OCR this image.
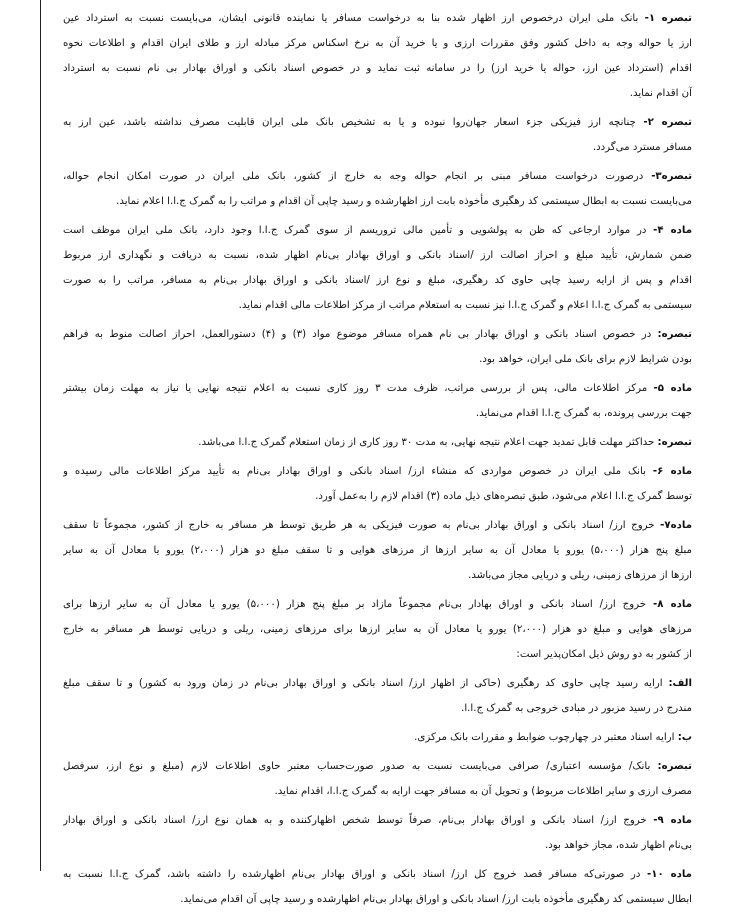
تبصره ۱- بانک ملی ایران درخصوص ارز اظهار شده بنا به درخواست مسافر یا نماینده قانونی ایشان، می‌بایست نسبت به استرداد عین
ارز یا حواله وجه به داخل کشور وفق مقررات ارزی و یا خرید آن به نرخ اسکناس مرکز مبادله ارز و طلای ایران اقدام و اطلاعات نحوه
اقدام (استرداد عین ارز، حواله یا خرید ارز) را در سامانه ثبت نماید و در خصوص اسناد بانکی و اوراق بهادار بی نام نسبت به استرداد
آن اقدام نماید.
تبصره ۲- چنانچه ارز فیزیکی جزء اسعار جهان‌روا نبوده و یا به تشخیص بانک ملی ایران قابلیت مصرف نداشته باشد، عین ارز به
مسافر مسترد می‌گردد.
تبصره۳- درصورت درخواست مسافر مبنی بر انجام حواله وجه به خارج از کشور، بانک ملی ایران در صورت امکان انجام حواله،
می‌بایست نسبت به ابطال سیستمی کد رهگیری مأخوذه بابت ارز اظهارشده و رسید چاپی آن اقدام و مراتب را به گمرک ج.ا.ا اعلام نماید.
ماده ۴- در موارد ارجاعی که ظن به پولشویی و تأمین مالی تروریسم از سوی گمرک ج.ا.ا وجود دارد، بانک ملی ایران موظف است
ضمن شمارش، تأیید مبلغ و احراز اصالت ارز /اسناد بانکی و اوراق بهادار بی‌نام اظهار شده، نسبت به دریافت و نگهداری ارز مربوط
اقدام و پس از ارایه رسید چاپی حاوی کد رهگیری، مبلغ و نوع ارز /اسناد بانکی و اوراق بهادار بی‌نام به مسافر، مراتب را به صورت
سیستمی به گمرک ج.ا.ا اعلام و گمرک ج.ا.ا نیز نسبت به استعلام مراتب از مرکز اطلاعات مالی اقدام نماید.
تبصره: در خصوص اسناد بانکی و اوراق بهادار بی نام همراه مسافر موضوع مواد (۳) و (۴) دستورالعمل، احراز اصالت منوط به فراهم
بودن شرایط لازم برای بانک ملی ایران، خواهد بود.
ماده ۵- مرکز اطلاعات مالی، پس از بررسی مراتب، ظرف مدت ۳ روز کاری نسبت به اعلام نتیجه نهایی یا نیاز به مهلت زمان بیشتر
جهت بررسی پرونده، به گمرک ج.ا.ا اقدام می‌نماید.
تبصره: حداکثر مهلت قابل تمدید جهت اعلام نتیجه نهایی، به مدت ۳۰ روز کاری از زمان استعلام گمرک ج.ا.ا می‌باشد.
ماده ۶- بانک ملی ایران در خصوص مواردی که منشاء ارز/ اسناد بانکی و اوراق بهادار بی‌نام به تأیید مرکز اطلاعات مالی رسیده و
توسط گمرک ج.ا.ا اعلام می‌شود، طبق تبصره‌های ذیل ماده (۳) اقدام لازم را به‌عمل آورد.
ماده۷- خروج ارز/ اسناد بانکی و اوراق بهادار بی‌نام به صورت فیزیکی به هر طریق توسط هر مسافر به خارج از کشور، مجموعاً تا سقف
مبلغ پنج هزار (۵،۰۰۰) یورو یا معادل آن به سایر ارزها از مرزهای هوایی و تا سقف مبلغ دو هزار (۲،۰۰۰) یورو یا معادل آن به سایر
ارزها از مرزهای زمینی، ریلی و دریایی مجاز می‌باشد.
ماده ۸- خروج ارز/ اسناد بانکی و اوراق بهادار بی‌نام مجموعاً مازاد بر مبلغ پنج هزار (۵،۰۰۰) یورو یا معادل آن به سایر ارزها برای
مرزهای هوایی و مبلغ دو هزار (۲،۰۰۰) یورو یا معادل آن به سایر ارزها برای مرزهای زمینی، ریلی و دریایی توسط هر مسافر به خارج
از کشور به دو روش ذیل امکان‌پذیر است:
الف: ارایه رسید چاپی حاوی کد رهگیری (حاکی از اظهار ارز/ اسناد بانکی و اوراق بهادار بی‌نام در زمان ورود به کشور) و تا سقف مبلغ
مندرج در رسید مزبور در مبادی خروجی به گمرک ج.ا.ا.
ب: ارایه اسناد معتبر در چهارچوب ضوابط و مقررات بانک مرکزی.
تبصره: بانک/ مؤسسه اعتباری/ صرافی می‌بایست نسبت به صدور صورت‌حساب معتبر حاوی اطلاعات لازم (مبلغ و نوع ارز، سرفصل
مصرف ارزی و سایر اطلاعات مربوط) و تحویل آن به مسافر جهت ارایه به گمرک ج.ا.ا، اقدام نماید.
ماده ۹- خروج ارز/ اسناد بانکی و اوراق بهادار بی‌نام، صرفاً توسط شخص اظهارکننده و به همان نوع ارز/ اسناد بانکی و اوراق بهادار
بی‌نام اظهار شده، مجاز خواهد بود.
ماده ۱۰- در صورتی‌که مسافر قصد خروج کل ارز/ اسناد بانکی و اوراق بهادار بی‌نام اظهارشده را داشته باشد، گمرک ج.ا.ا نسبت به
ابطال سیستمی کد رهگیری مأخوذه بابت ارز/ اسناد بانکی و اوراق بهادار بی‌نام اظهارشده و رسید چاپی آن اقدام می‌نماید.
